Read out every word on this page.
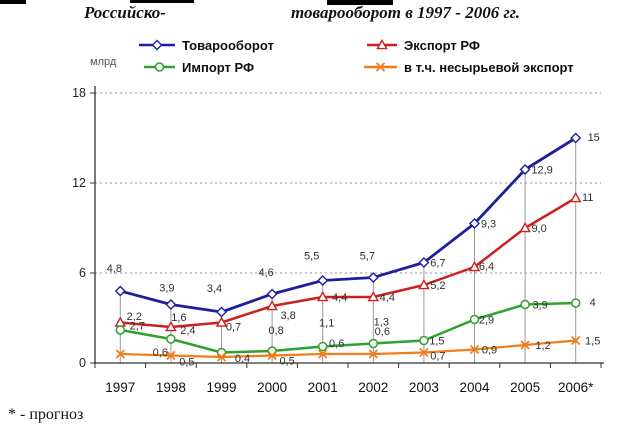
Российско-	товарооборот в 1997 - 2006 гг.
млрд
0
6
12
18
4,8
3,9	3,4
4,6
5,5	5,7
6,7
9,3
12,9
15
2,7	2,4
3,8
4,4	4,4
5,2
6,4
9,0
11
2,2	1,6
0,7 0,8
1,1	1,3
1,5
2,9
3,9	4
0,6
0,5	0,4	0,5
0,6
0,6
0,7	0,9	1,2	1,5
1997 1998 1999 2000 2001 2002 2003 2004 2005 2006*
Товарооборот	Экспорт РФ
Импорт РФ	в т.ч. несырьевой экспорт
* - прогноз
